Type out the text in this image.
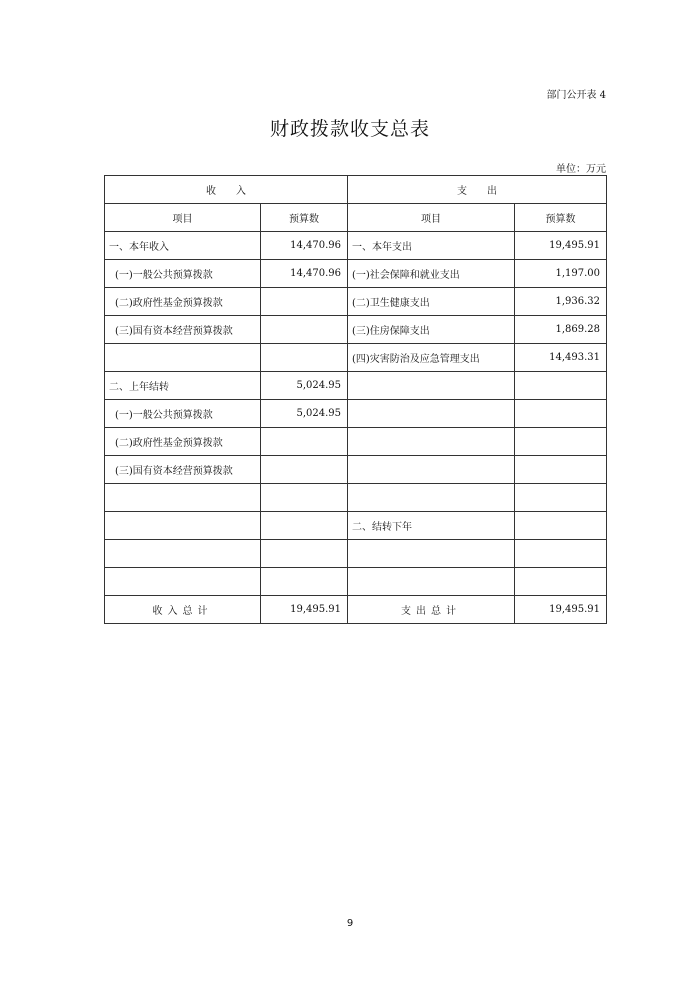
部门公开表 4
财政拨款收支总表
单位：万元
收　　入		支　　出	
项目	预算数	项目	预算数
一、本年收入	14,470.96	一、本年支出	19,495.91
(一)一般公共预算拨款	14,470.96	(一)社会保障和就业支出	1,197.00
(二)政府性基金预算拨款		(二)卫生健康支出	1,936.32
(三)国有资本经营预算拨款		(三)住房保障支出	1,869.28
		(四)灾害防治及应急管理支出	14,493.31
二、上年结转	5,024.95		
(一)一般公共预算拨款	5,024.95		
(二)政府性基金预算拨款			
(三)国有资本经营预算拨款			

		二、结转下年	

收入总计	19,495.91	支出总计	19,495.91
9
